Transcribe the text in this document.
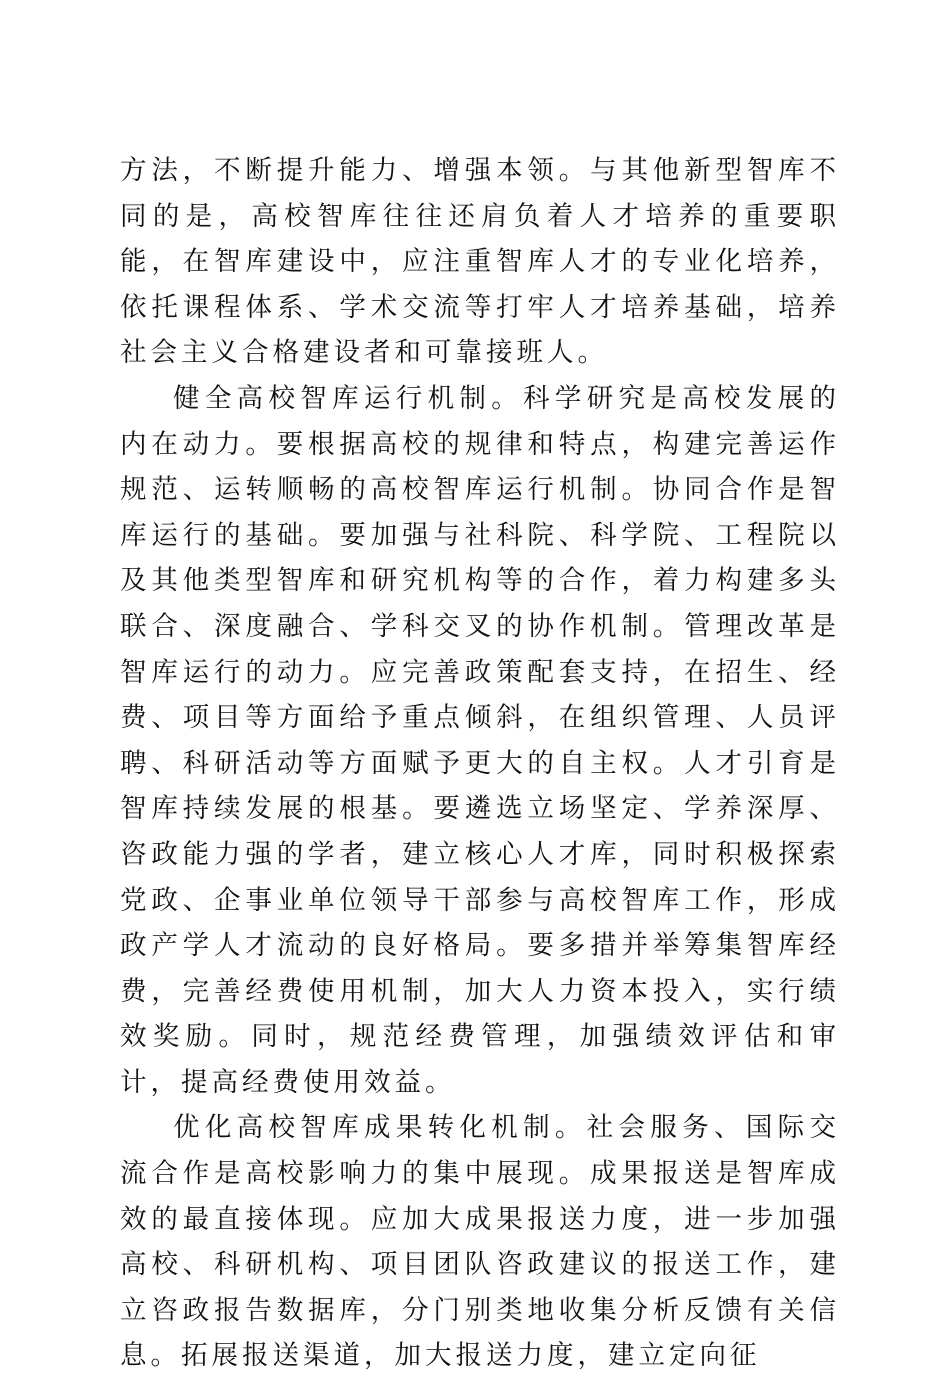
方法，不断提升能力、增强本领。与其他新型智库不同的是，高校智库往往还肩负着人才培养的重要职能，在智库建设中，应注重智库人才的专业化培养，依托课程体系、学术交流等打牢人才培养基础，培养社会主义合格建设者和可靠接班人。

健全高校智库运行机制。科学研究是高校发展的内在动力。要根据高校的规律和特点，构建完善运作规范、运转顺畅的高校智库运行机制。协同合作是智库运行的基础。要加强与社科院、科学院、工程院以及其他类型智库和研究机构等的合作，着力构建多头联合、深度融合、学科交叉的协作机制。管理改革是智库运行的动力。应完善政策配套支持，在招生、经费、项目等方面给予重点倾斜，在组织管理、人员评聘、科研活动等方面赋予更大的自主权。人才引育是智库持续发展的根基。要遴选立场坚定、学养深厚、咨政能力强的学者，建立核心人才库，同时积极探索党政、企事业单位领导干部参与高校智库工作，形成政产学人才流动的良好格局。要多措并举筹集智库经费，完善经费使用机制，加大人力资本投入，实行绩效奖励。同时，规范经费管理，加强绩效评估和审计，提高经费使用效益。

优化高校智库成果转化机制。社会服务、国际交流合作是高校影响力的集中展现。成果报送是智库成效的最直接体现。应加大成果报送力度，进一步加强高校、科研机构、项目团队咨政建议的报送工作，建立咨政报告数据库，分门别类地收集分析反馈有关信息。拓展报送渠道，加大报送力度，建立定向征
